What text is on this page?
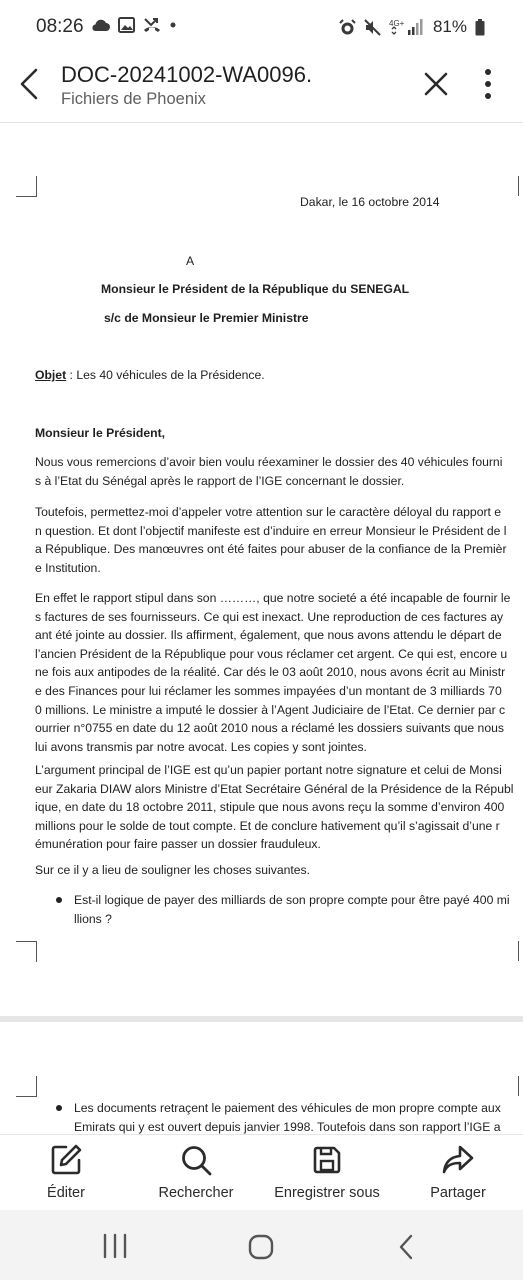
08:26	4G+ 81%
DOC-20241002-WA0096.
Fichiers de Phoenix
Dakar, le 16 octobre 2014
A
Monsieur le Président de la République du SENEGAL
s/c de Monsieur le Premier Ministre
Objet : Les 40 véhicules de la Présidence.
Monsieur le Président,
Nous vous remercions d’avoir bien voulu réexaminer le dossier des 40 véhicules fourni
s à l’Etat du Sénégal après le rapport de l’IGE concernant le dossier.
Toutefois, permettez-moi d’appeler votre attention sur le caractère déloyal du rapport e
n question. Et dont l’objectif manifeste est d’induire en erreur Monsieur le Président de l
a République. Des manœuvres ont été faites pour abuser de la confiance de la Premièr
e Institution.
En effet le rapport stipul dans son ………, que notre societé a été incapable de fournir le
s factures de ses fournisseurs. Ce qui est inexact. Une reproduction de ces factures ay
ant été jointe au dossier. Ils affirment, également, que nous avons attendu le départ de
l’ancien Président de la République pour vous réclamer cet argent. Ce qui est, encore u
ne fois aux antipodes de la réalité. Car dés le 03 août 2010, nous avons écrit au Ministr
e des Finances pour lui réclamer les sommes impayées d’un montant de 3 milliards 70
0 millions. Le ministre a imputé le dossier à l’Agent Judiciaire de l’Etat. Ce dernier par c
ourrier n°0755 en date du 12 août 2010 nous a réclamé les dossiers suivants que nous
lui avons transmis par notre avocat. Les copies y sont jointes.
L’argument principal de l’IGE est qu’un papier portant notre signature et celui de Monsi
eur Zakaria DIAW alors Ministre d’Etat Secrétaire Général de la Présidence de la Républ
ique, en date du 18 octobre 2011, stipule que nous avons reçu la somme d’environ 400
millions pour le solde de tout compte. Et de conclure hativement qu’il s’agissait d’une r
émunération pour faire passer un dossier frauduleux.
Sur ce il y a lieu de souligner les choses suivantes.
Est-il logique de payer des milliards de son propre compte pour être payé 400 mi
llions ?
Les documents retraçent le paiement des véhicules de mon propre compte aux
Emirats qui y est ouvert depuis janvier 1998. Toutefois dans son rapport l’IGE a
Éditer	Rechercher	Enregistrer sous	Partager
